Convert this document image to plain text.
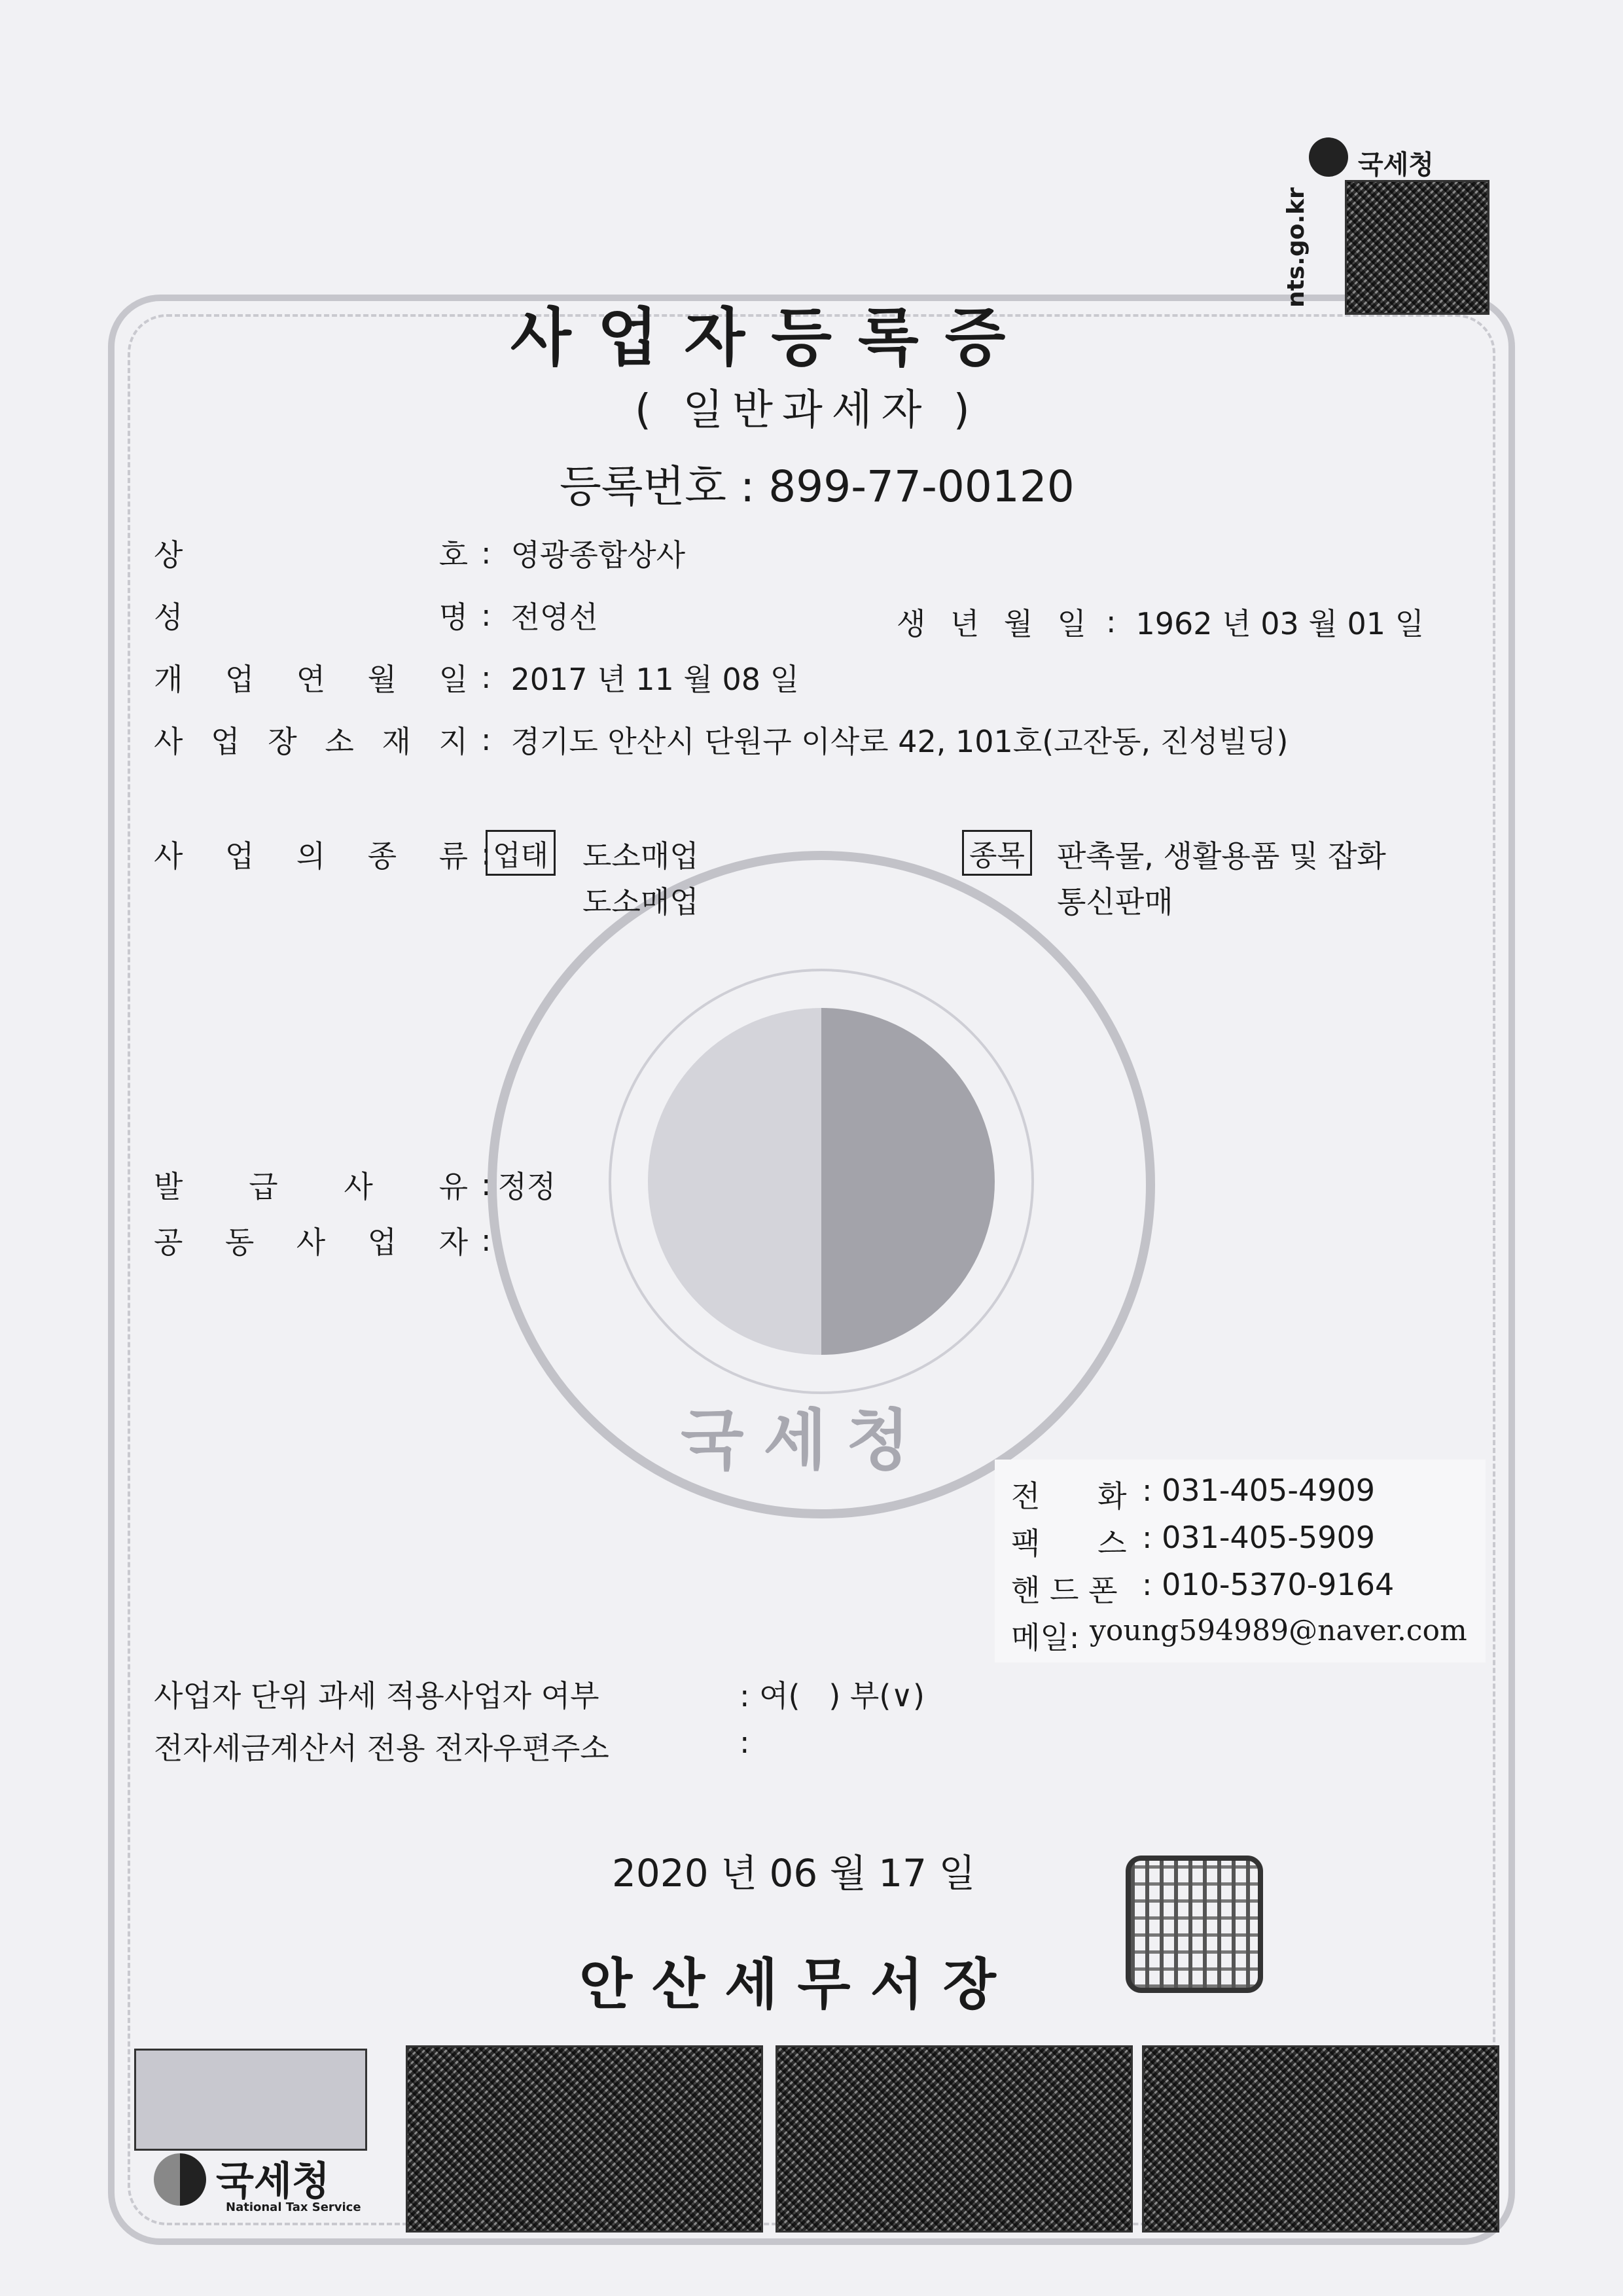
nts.go.kr
국세청
사업자등록증
( 일반과세자 )
등록번호 : 899-77-00120
국세청
상	호 : 영광종합상사
성	명 : 전영선	생 년 월 일 : 1962 년 03 월 01 일
개 업 연 월 일 : 2017 년 11 월 08 일
사 업 장 소 재 지 : 경기도 안산시 단원구 이삭로 42, 101호(고잔동, 진성빌딩)
사 업 의 종 류 : 업태 도소매업
도소매업
종목 판촉물, 생활용품 및 잡화
통신판매
발 급 사 유 : 정정
공 동 사 업 자 :
전      화 : 031-405-4909
팩      스 : 031-405-5909
핸 드 폰 : 010-5370-9164
메일: young594989@naver.com
사업자 단위 과세 적용사업자 여부	: 여(   ) 부(∨)
전자세금계산서 전용 전자우편주소	:
2020 년 06 월 17 일
안산세무서장
국세청
National Tax Service
